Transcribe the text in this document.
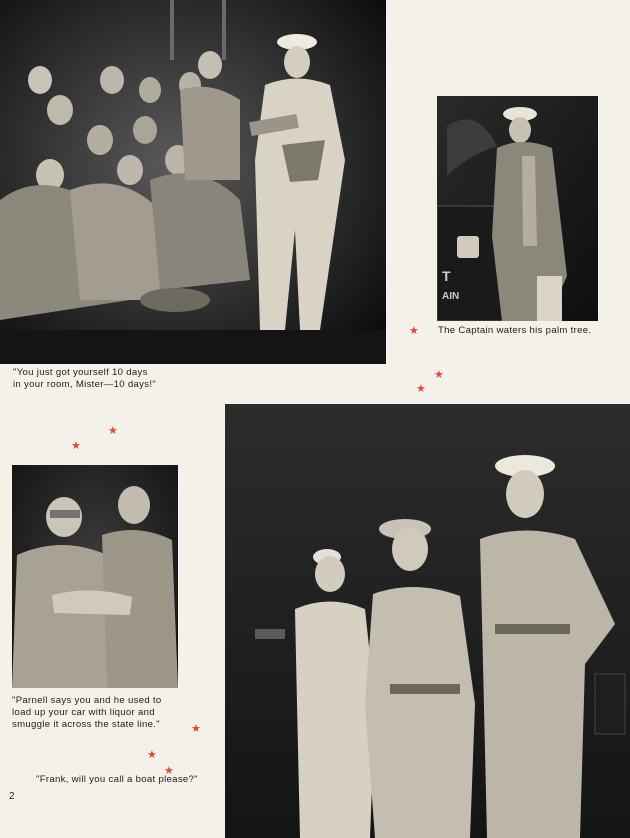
T
AIN
"You just got yourself 10 days
in your room, Mister—10 days!"
The Captain waters his palm tree.
"Parnell says you and he used to
load up your car with liquor and
smuggle it across the state line."
"Frank, will you call a boat please?"
★
★
★
★
★
★
★
★
2
